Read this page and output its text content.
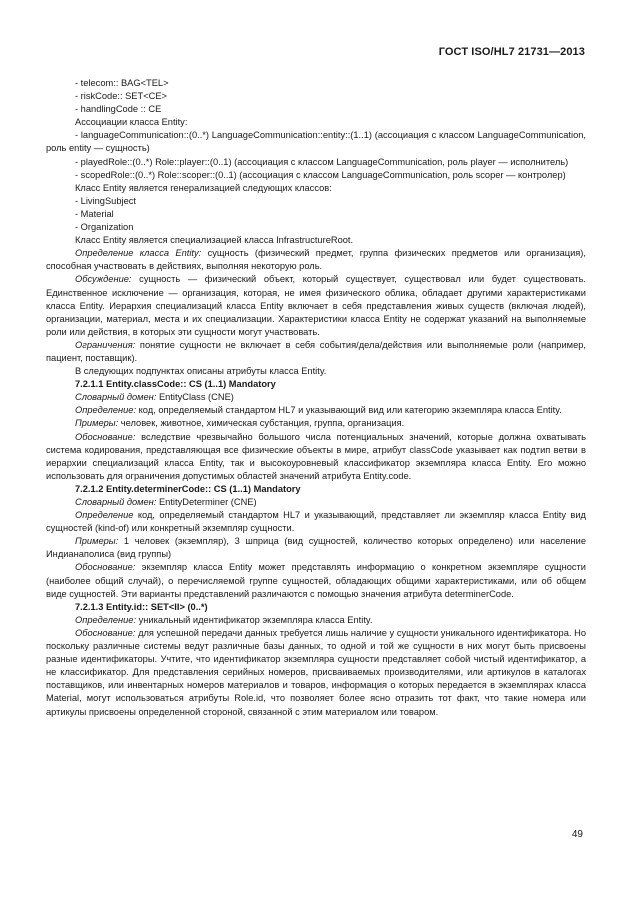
ГОСТ ISO/HL7 21731—2013
- telecom:: BAG<TEL>
- riskCode:: SET<CE>
- handlingCode :: CE
Ассоциации класса Entity:
- languageCommunication::(0..*) LanguageCommunication::entity::(1..1) (ассоциация с классом LanguageCommunication, роль entity — сущность)
- playedRole::(0..*) Role::player::(0..1) (ассоциация с классом LanguageCommunication, роль player — исполнитель)
- scopedRole::(0..*) Role::scoper::(0..1) (ассоциация с классом LanguageCommunication, роль scoper — контролер)
Класс Entity является генерализацией следующих классов:
- LivingSubject
- Material
- Organization
Класс Entity является специализацией класса InfrastructureRoot.
Определение класса Entity: сущность (физический предмет, группа физических предметов или организация), способная участвовать в действиях, выполняя некоторую роль.
Обсуждение: сущность — физический объект, который существует, существовал или будет существовать. Единственное исключение — организация, которая, не имея физического облика, обладает другими характеристиками класса Entity. Иерархия специализаций класса Entity включает в себя представления живых существ (включая людей), организации, материал, места и их специализации. Характеристики класса Entity не содержат указаний на выполняемые роли или действия, в которых эти сущности могут участвовать.
Ограничения: понятие сущности не включает в себя события/дела/действия или выполняемые роли (например, пациент, поставщик).
В следующих подпунктах описаны атрибуты класса Entity.
7.2.1.1 Entity.classCode:: CS (1..1) Mandatory
Словарный домен: EntityClass (CNE)
Определение: код, определяемый стандартом HL7 и указывающий вид или категорию экземпляра класса Entity.
Примеры: человек, животное, химическая субстанция, группа, организация.
Обоснование: вследствие чрезвычайно большого числа потенциальных значений, которые должна охватывать система кодирования, представляющая все физические объекты в мире, атрибут classCode указывает как подтип ветви в иерархии специализаций класса Entity, так и высокоуровневый классификатор экземпляра класса Entity. Его можно использовать для ограничения допустимых областей значений атрибута Entity.code.
7.2.1.2 Entity.determinerCode:: CS (1..1) Mandatory
Словарный домен: EntityDeterminer (CNE)
Определение код, определяемый стандартом HL7 и указывающий, представляет ли экземпляр класса Entity вид сущностей (kind-of) или конкретный экземпляр сущности.
Примеры: 1 человек (экземпляр), 3 шприца (вид сущностей, количество которых определено) или население Индианаполиса (вид группы)
Обоснование: экземпляр класса Entity может представлять информацию о конкретном экземпляре сущности (наиболее общий случай), о перечисляемой группе сущностей, обладающих общими характеристиками, или об общем виде сущностей. Эти варианты представлений различаются с помощью значения атрибута determinerCode.
7.2.1.3 Entity.id:: SET<II> (0..*)
Определение: уникальный идентификатор экземпляра класса Entity.
Обоснование: для успешной передачи данных требуется лишь наличие у сущности уникального идентификатора. Но поскольку различные системы ведут различные базы данных, то одной и той же сущности в них могут быть присвоены разные идентификаторы. Учтите, что идентификатор экземпляра сущности представляет собой чистый идентификатор, а не классификатор. Для представления серийных номеров, присваиваемых производителями, или артикулов в каталогах поставщиков, или инвентарных номеров материалов и товаров, информация о которых передается в экземплярах класса Material, могут использоваться атрибуты Role.id, что позволяет более ясно отразить тот факт, что такие номера или артикулы присвоены определенной стороной, связанной с этим материалом или товаром.
49
